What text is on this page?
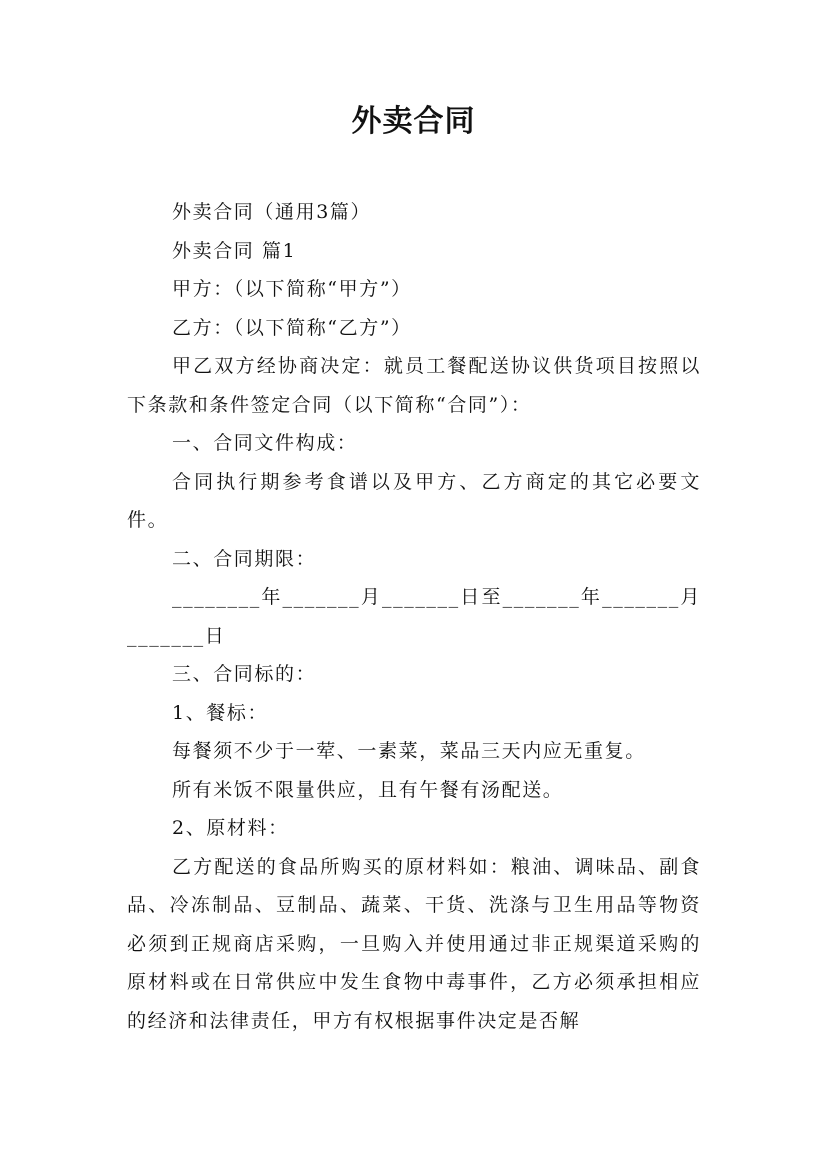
外卖合同

外卖合同（通用3篇）

外卖合同 篇1

甲方：（以下简称“甲方”）

乙方：（以下简称“乙方”）

甲乙双方经协商决定：就员工餐配送协议供货项目按照以下条款和条件签定合同（以下简称“合同”）：

一、合同文件构成：

合同执行期参考食谱以及甲方、乙方商定的其它必要文件。

二、合同期限：

________年_______月_______日至_______年_______月_______日

三、合同标的：

1、餐标：

每餐须不少于一荤、一素菜，菜品三天内应无重复。

所有米饭不限量供应，且有午餐有汤配送。

2、原材料：

乙方配送的食品所购买的原材料如：粮油、调味品、副食品、冷冻制品、豆制品、蔬菜、干货、洗涤与卫生用品等物资必须到正规商店采购，一旦购入并使用通过非正规渠道采购的原材料或在日常供应中发生食物中毒事件，乙方必须承担相应的经济和法律责任，甲方有权根据事件决定是否解
